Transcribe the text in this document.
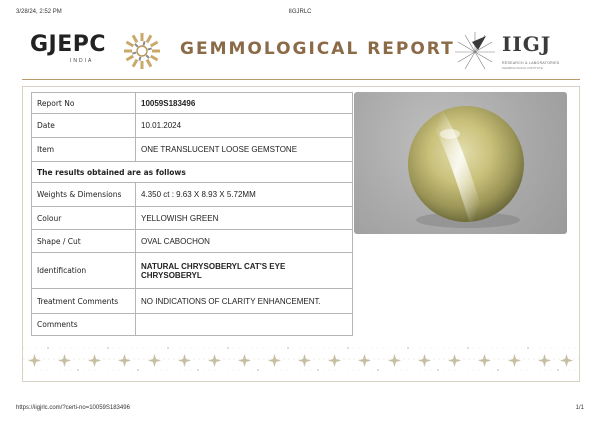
3/28/24, 2:52 PM	IIGJRLC
GJEPC
INDIA
GEMMOLOGICAL REPORT IIGJ
RESEARCH & LABORATORIES
GEMMOLOGICAL INSTITUTE
Report No	10059S183496
Date	10.01.2024
Item	ONE TRANSLUCENT LOOSE GEMSTONE
The results obtained are as follows	
Weights & Dimensions	4.350 ct : 9.63 X 8.93 X 5.72MM
Colour	YELLOWISH GREEN
Shape / Cut	OVAL CABOCHON
Identification	NATURAL CHRYSOBERYL CAT'S EYE
CHRYSOBERYL

Treatment Comments	NO INDICATIONS OF CLARITY ENHANCEMENT.
Comments	
https://iigjrlc.com/?certi-no=10059S183496	1/1
